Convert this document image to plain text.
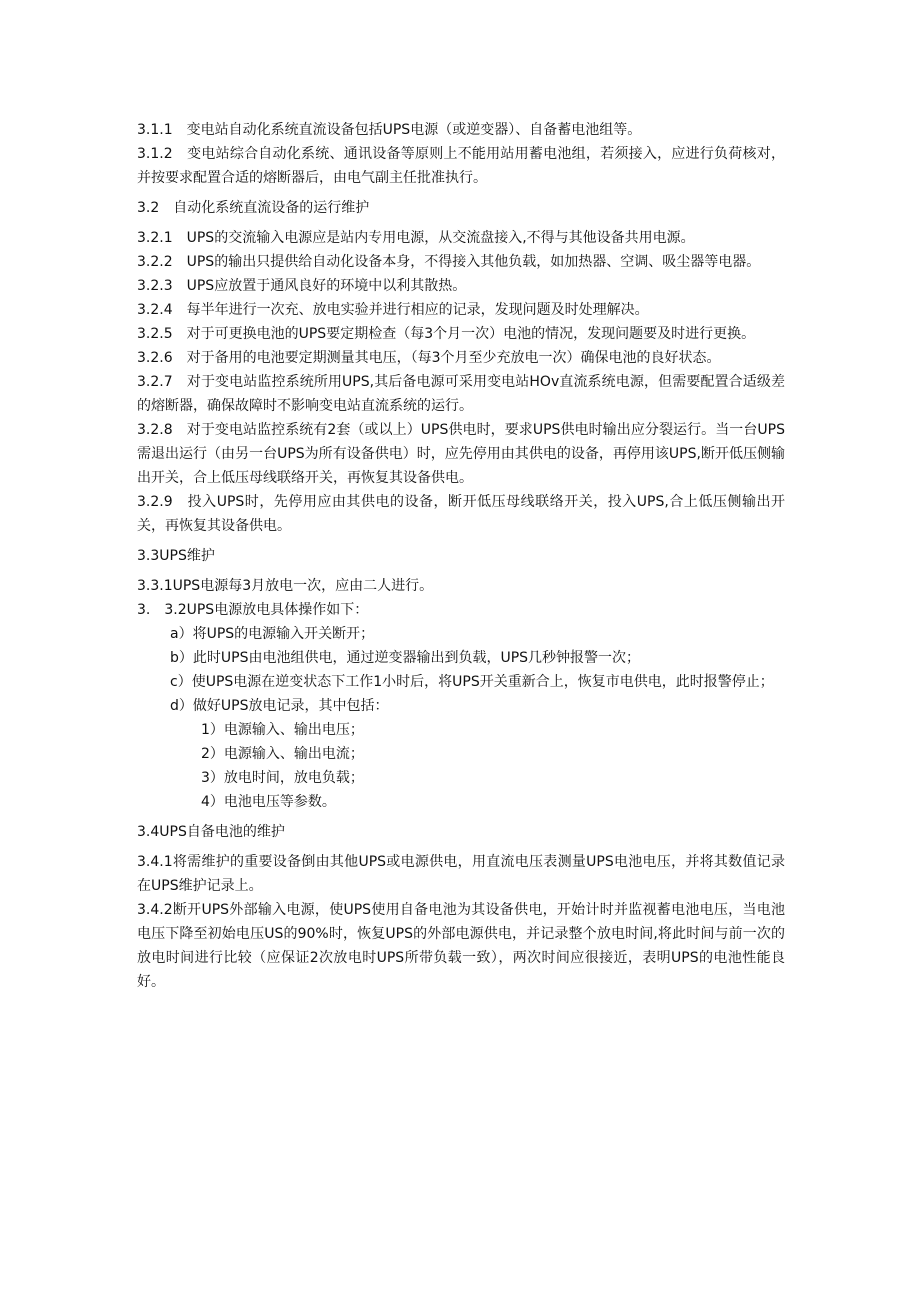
3.1.1　变电站自动化系统直流设备包括UPS电源（或逆变器）、自备蓄电池组等。

3.1.2　变电站综合自动化系统、通讯设备等原则上不能用站用蓄电池组，若须接入，应进行负荷核对，并按要求配置合适的熔断器后，由电气副主任批准执行。

3.2　自动化系统直流设备的运行维护

3.2.1　UPS的交流输入电源应是站内专用电源，从交流盘接入,不得与其他设备共用电源。

3.2.2　UPS的输出只提供给自动化设备本身，不得接入其他负载，如加热器、空调、吸尘器等电器。

3.2.3　UPS应放置于通风良好的环境中以利其散热。

3.2.4　每半年进行一次充、放电实验并进行相应的记录，发现问题及时处理解决。

3.2.5　对于可更换电池的UPS要定期检查（每3个月一次）电池的情况，发现问题要及时进行更换。

3.2.6　对于备用的电池要定期测量其电压，（每3个月至少充放电一次）确保电池的良好状态。

3.2.7　对于变电站监控系统所用UPS,其后备电源可采用变电站HOv直流系统电源，但需要配置合适级差的熔断器，确保故障时不影响变电站直流系统的运行。

3.2.8　对于变电站监控系统有2套（或以上）UPS供电时，要求UPS供电时输出应分裂运行。当一台UPS需退出运行（由另一台UPS为所有设备供电）时，应先停用由其供电的设备，再停用该UPS,断开低压侧输出开关，合上低压母线联络开关，再恢复其设备供电。

3.2.9　投入UPS时，先停用应由其供电的设备，断开低压母线联络开关，投入UPS,合上低压侧输出开关，再恢复其设备供电。

3.3UPS维护

3.3.1UPS电源每3月放电一次，应由二人进行。

3.　3.2UPS电源放电具体操作如下：

a）将UPS的电源输入开关断开；

b）此时UPS由电池组供电，通过逆变器输出到负载，UPS几秒钟报警一次；

c）使UPS电源在逆变状态下工作1小时后，将UPS开关重新合上，恢复市电供电，此时报警停止；

d）做好UPS放电记录，其中包括：

1）电源输入、输出电压；

2）电源输入、输出电流；

3）放电时间，放电负载；

4）电池电压等参数。

3.4UPS自备电池的维护

3.4.1将需维护的重要设备倒由其他UPS或电源供电，用直流电压表测量UPS电池电压，并将其数值记录在UPS维护记录上。

3.4.2断开UPS外部输入电源，使UPS使用自备电池为其设备供电，开始计时并监视蓄电池电压，当电池电压下降至初始电压US的90%时，恢复UPS的外部电源供电，并记录整个放电时间,将此时间与前一次的放电时间进行比较（应保证2次放电时UPS所带负载一致），两次时间应很接近，表明UPS的电池性能良好。
